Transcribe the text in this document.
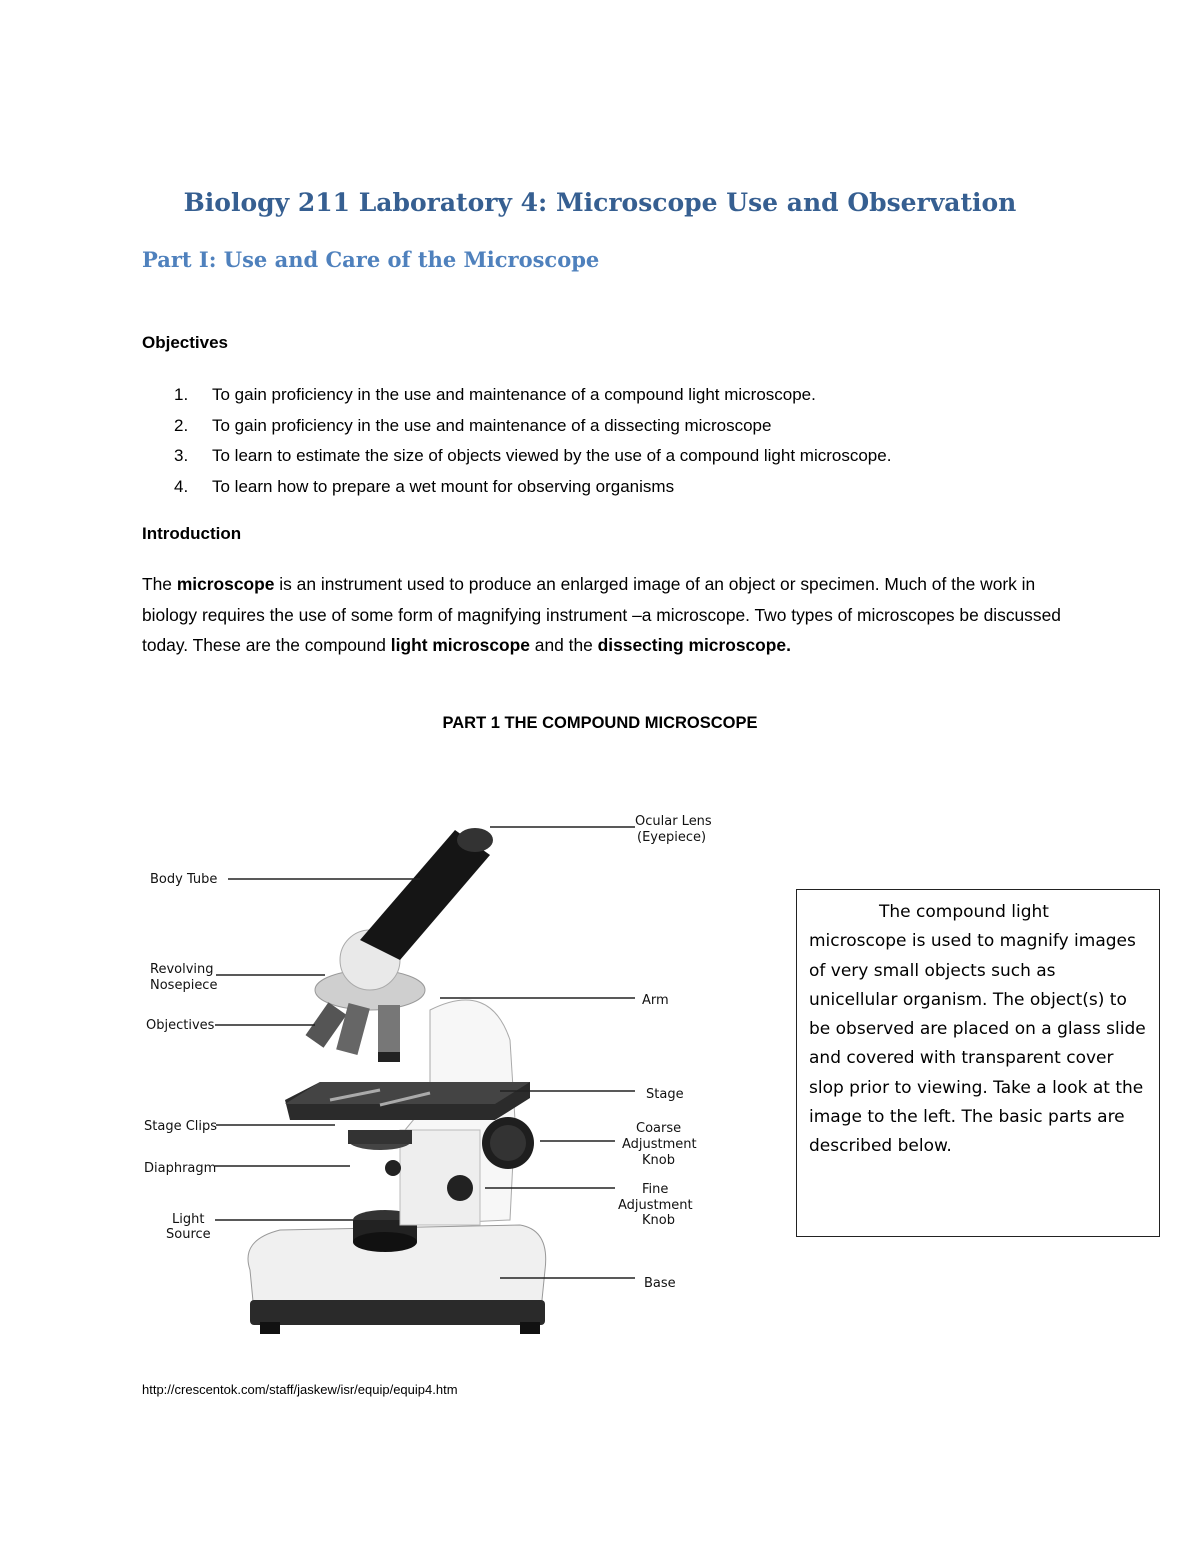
Biology 211 Laboratory 4: Microscope Use and Observation
Part I: Use and Care of the Microscope
Objectives
1. To gain proficiency in the use and maintenance of a compound light microscope.
2. To gain proficiency in the use and maintenance of a dissecting microscope
3. To learn to estimate the size of objects viewed by the use of a compound light microscope.
4. To learn how to prepare a wet mount for observing organisms
Introduction
The microscope is an instrument used to produce an enlarged image of an object or specimen. Much of the work in biology requires the use of some form of magnifying instrument –a microscope. Two types of microscopes be discussed today. These are the compound light microscope and the dissecting microscope.
PART 1 THE COMPOUND MICROSCOPE
Ocular Lens
(Eyepiece)
Body Tube
Revolving
Nosepiece
Objectives
Arm
Stage
Stage Clips	Coarse
Adjustment
Knob
Diaphragm
Fine
Adjustment
Knob
Light
Source
Base
The compound light
microscope is used to magnify images of very small objects such as unicellular organism. The object(s) to be observed are placed on a glass slide and covered with transparent cover slop prior to viewing. Take a look at the image to the left. The basic parts are described below.
http://crescentok.com/staff/jaskew/isr/equip/equip4.htm
